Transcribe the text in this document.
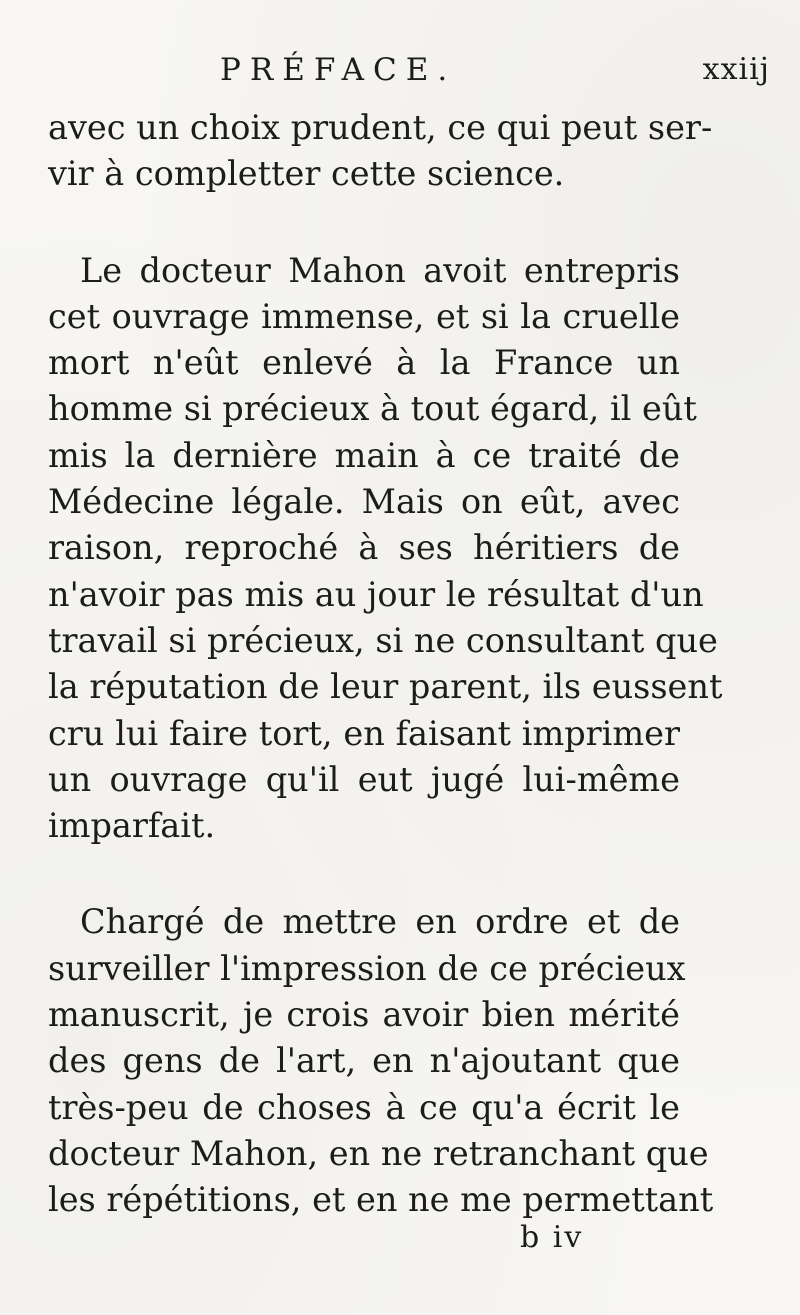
PRÉFACE.	xxiij
avec un choix prudent, ce qui peut ser-
vir à completter cette science.
Le docteur Mahon avoit entrepris
cet ouvrage immense, et si la cruelle
mort n'eût enlevé à la France un
homme si précieux à tout égard, il eût
mis la dernière main à ce traité de
Médecine légale. Mais on eût, avec
raison, reproché à ses héritiers de
n'avoir pas mis au jour le résultat d'un
travail si précieux, si ne consultant que
la réputation de leur parent, ils eussent
cru lui faire tort, en faisant imprimer
un ouvrage qu'il eut jugé lui-même
imparfait.
Chargé de mettre en ordre et de
surveiller l'impression de ce précieux
manuscrit, je crois avoir bien mérité
des gens de l'art, en n'ajoutant que
très-peu de choses à ce qu'a écrit le
docteur Mahon, en ne retranchant que
les répétitions, et en ne me permettant
b iv
